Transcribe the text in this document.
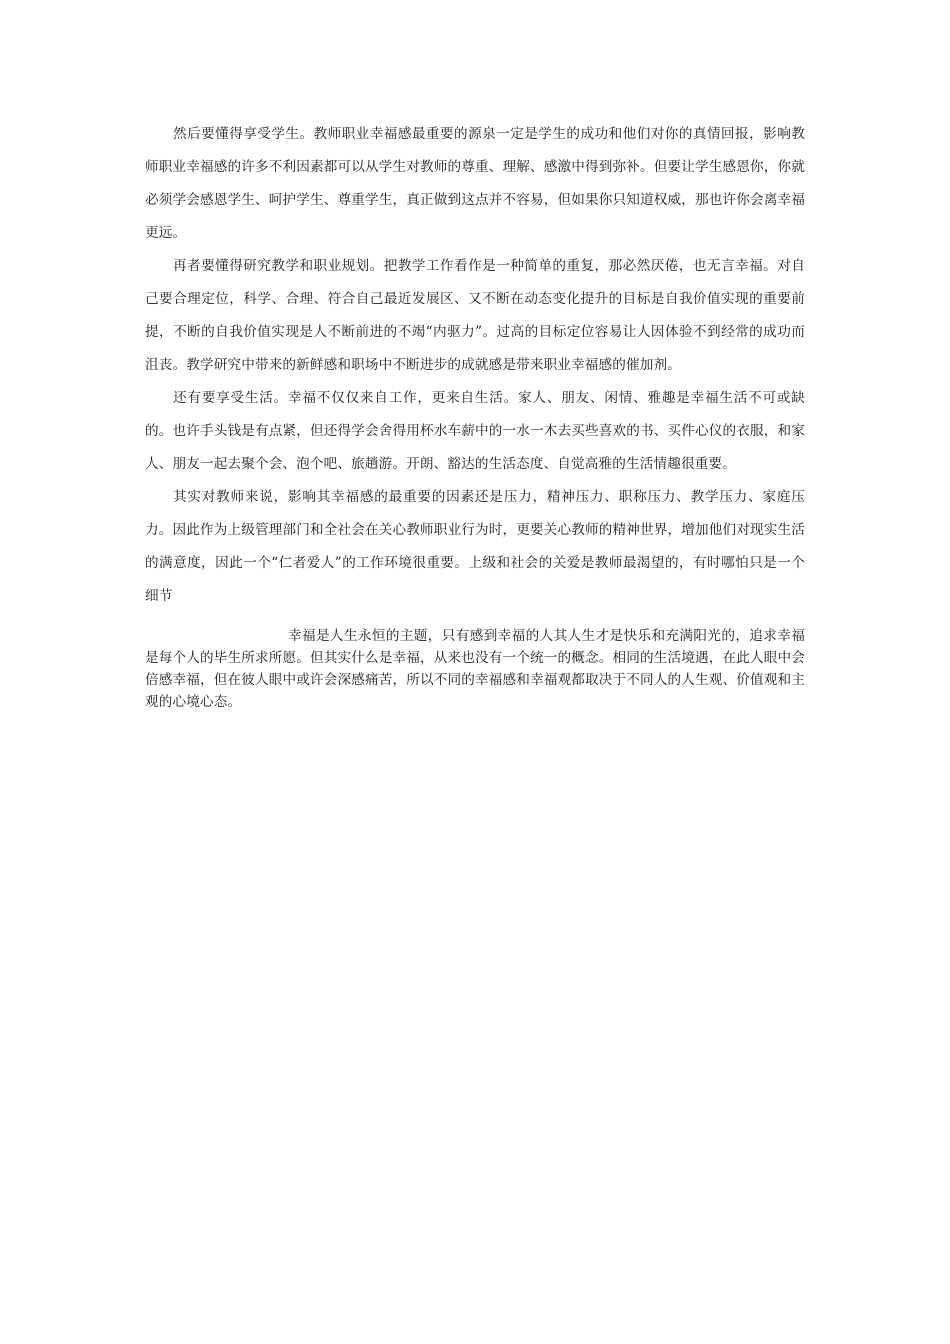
然后要懂得享受学生。教师职业幸福感最重要的源泉一定是学生的成功和他们对你的真情回报，影响教师职业幸福感的许多不利因素都可以从学生对教师的尊重、理解、感激中得到弥补。但要让学生感恩你，你就必须学会感恩学生、呵护学生、尊重学生，真正做到这点并不容易，但如果你只知道权威，那也许你会离幸福更远。

再者要懂得研究教学和职业规划。把教学工作看作是一种简单的重复，那必然厌倦，也无言幸福。对自己要合理定位，科学、合理、符合自己最近发展区、又不断在动态变化提升的目标是自我价值实现的重要前提，不断的自我价值实现是人不断前进的不竭“内驱力”。过高的目标定位容易让人因体验不到经常的成功而沮丧。教学研究中带来的新鲜感和职场中不断进步的成就感是带来职业幸福感的催加剂。

还有要享受生活。幸福不仅仅来自工作，更来自生活。家人、朋友、闲情、雅趣是幸福生活不可或缺的。也许手头钱是有点紧，但还得学会舍得用杯水车薪中的一水一木去买些喜欢的书、买件心仪的衣服，和家人、朋友一起去聚个会、泡个吧、旅趟游。开朗、豁达的生活态度、自觉高雅的生活情趣很重要。

其实对教师来说，影响其幸福感的最重要的因素还是压力，精神压力、职称压力、教学压力、家庭压力。因此作为上级管理部门和全社会在关心教师职业行为时，更要关心教师的精神世界，增加他们对现实生活的满意度，因此一个“仁者爱人”的工作环境很重要。上级和社会的关爱是教师最渴望的，有时哪怕只是一个细节

幸福是人生永恒的主题，只有感到幸福的人其人生才是快乐和充满阳光的，追求幸福是每个人的毕生所求所愿。但其实什么是幸福，从来也没有一个统一的概念。相同的生活境遇，在此人眼中会倍感幸福，但在彼人眼中或许会深感痛苦，所以不同的幸福感和幸福观都取决于不同人的人生观、价值观和主观的心境心态。
